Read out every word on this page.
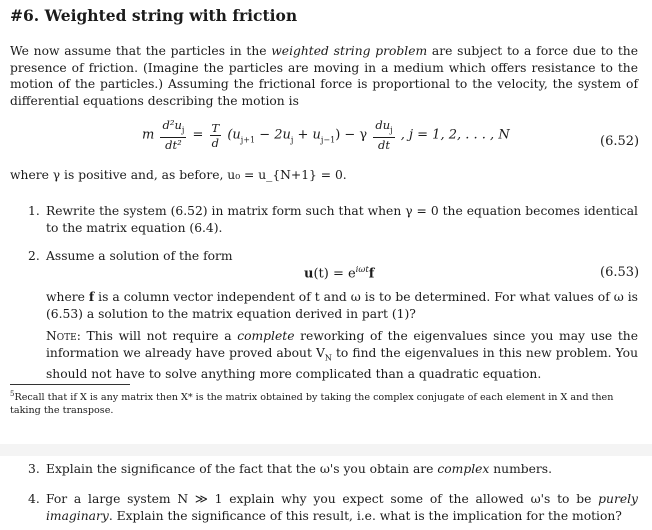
#6. Weighted string with friction
We now assume that the particles in the weighted string problem are subject to a force due to the presence of friction. (Imagine the particles are moving in a medium which offers resistance to the motion of the particles.) Assuming the frictional force is proportional to the velocity, the system of differential equations describing the motion is
m $\frac{d^2u_j}{\text{dt²}} = \frac{T}{d} (u_{j+1} - 2u_j + u_{j-1}) - \gamma \frac{du_j}{dt}$ , j = 1, 2, . . . , N	(6.52)
where γ is positive and, as before, u₀ = u_{N+1} = 0.
1. Rewrite the system (6.52) in matrix form such that when γ = 0 the equation becomes identical to the matrix equation (6.4).
2. Assume a solution of the form
$u(t) = e^{i\omega t}f$	(6.53)
where f is a column vector independent of t and ω is to be determined. For what values of ω is (6.53) a solution to the matrix equation derived in part (1)?
Note: This will not require a complete reworking of the eigenvalues since you may use the information we already have proved about $V_N$ to find the eigenvalues in this new problem. You should not have to solve anything more complicated than a quadratic equation.
$^5$Recall that if X is any matrix then X* is the matrix obtained by taking the complex conjugate of each element in X and then taking the transpose.
3. Explain the significance of the fact that the ω's you obtain are complex numbers.
4. For a large system N ≫ 1 explain why you expect some of the allowed ω's to be purely imaginary. Explain the significance of this result, i.e. what is the implication for the motion?
